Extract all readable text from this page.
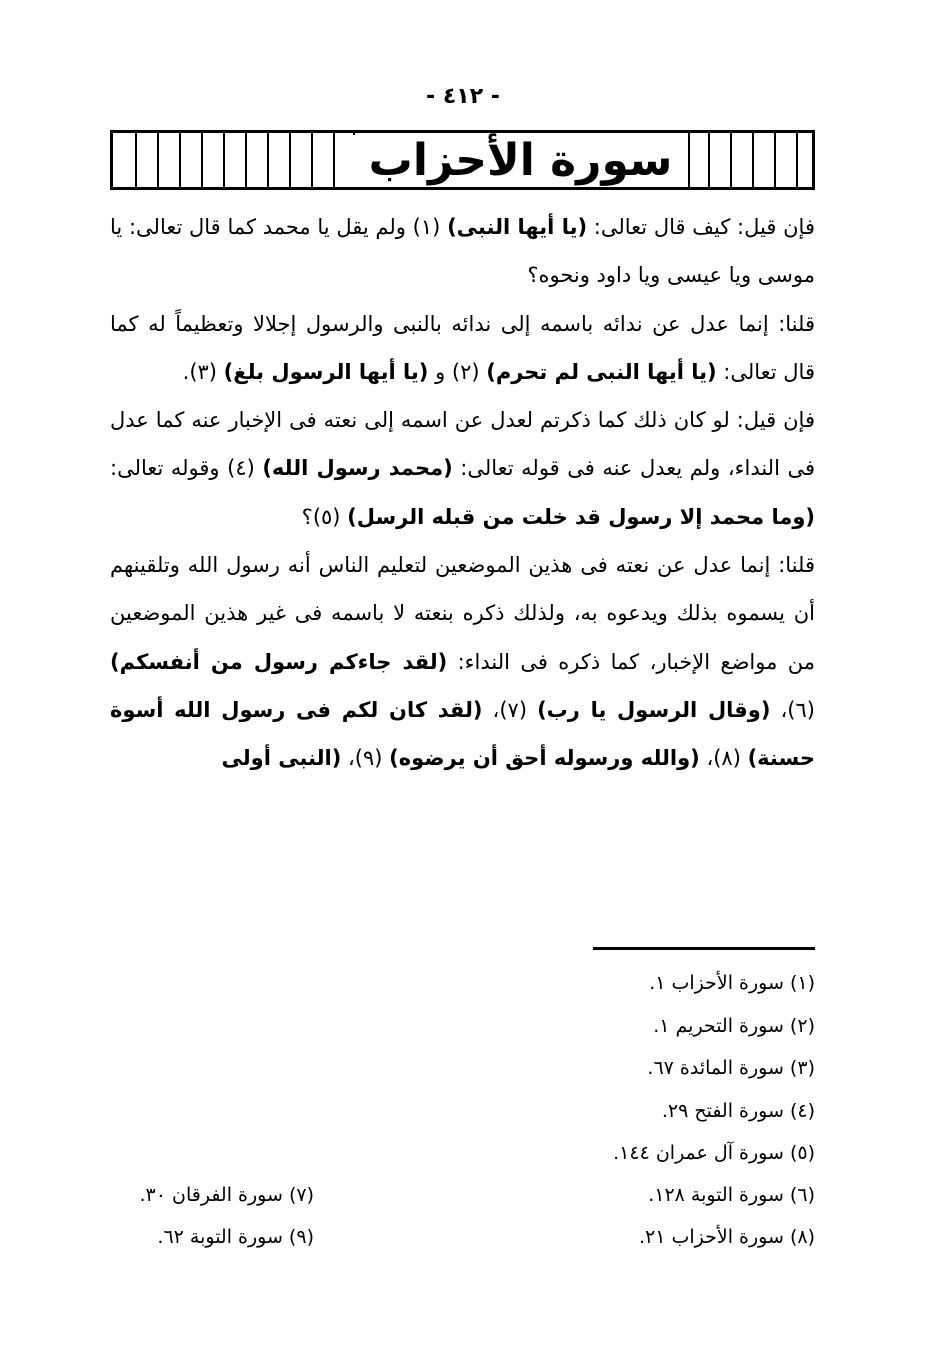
- ٤١٢ -
سورة الأحزاب

فإن قيل: كيف قال تعالى: (يا أيها النبى) (١) ولم يقل يا محمد كما قال تعالى: يا موسى ويا عيسى ويا داود ونحوه؟

قلنا: إنما عدل عن ندائه باسمه إلى ندائه بالنبى والرسول إجلالا وتعظيماً له كما قال تعالى: (يا أيها النبى لم تحرم) (٢) و (يا أيها الرسول بلغ) (٣).

فإن قيل: لو كان ذلك كما ذكرتم لعدل عن اسمه إلى نعته فى الإخبار عنه كما عدل فى النداء، ولم يعدل عنه فى قوله تعالى: (محمد رسول الله) (٤) وقوله تعالى: (وما محمد إلا رسول قد خلت من قبله الرسل) (٥)؟

قلنا: إنما عدل عن نعته فى هذين الموضعين لتعليم الناس أنه رسول الله وتلقينهم أن يسموه بذلك ويدعوه به، ولذلك ذكره بنعته لا باسمه فى غير هذين الموضعين من مواضع الإخبار، كما ذكره فى النداء: (لقد جاءكم رسول من أنفسكم) (٦)، (وقال الرسول يا رب) (٧)، (لقد كان لكم فى رسول الله أسوة حسنة) (٨)، (والله ورسوله أحق أن يرضوه) (٩)، (النبى أولى

(١) سورة الأحزاب ١.
(٢) سورة التحريم ١.
(٣) سورة المائدة ٦٧.
(٤) سورة الفتح ٢٩.
(٥) سورة آل عمران ١٤٤.
(٦) سورة التوبة ١٢٨.
(٧) سورة الفرقان ٣٠.
(٨) سورة الأحزاب ٢١.
(٩) سورة التوبة ٦٢.
